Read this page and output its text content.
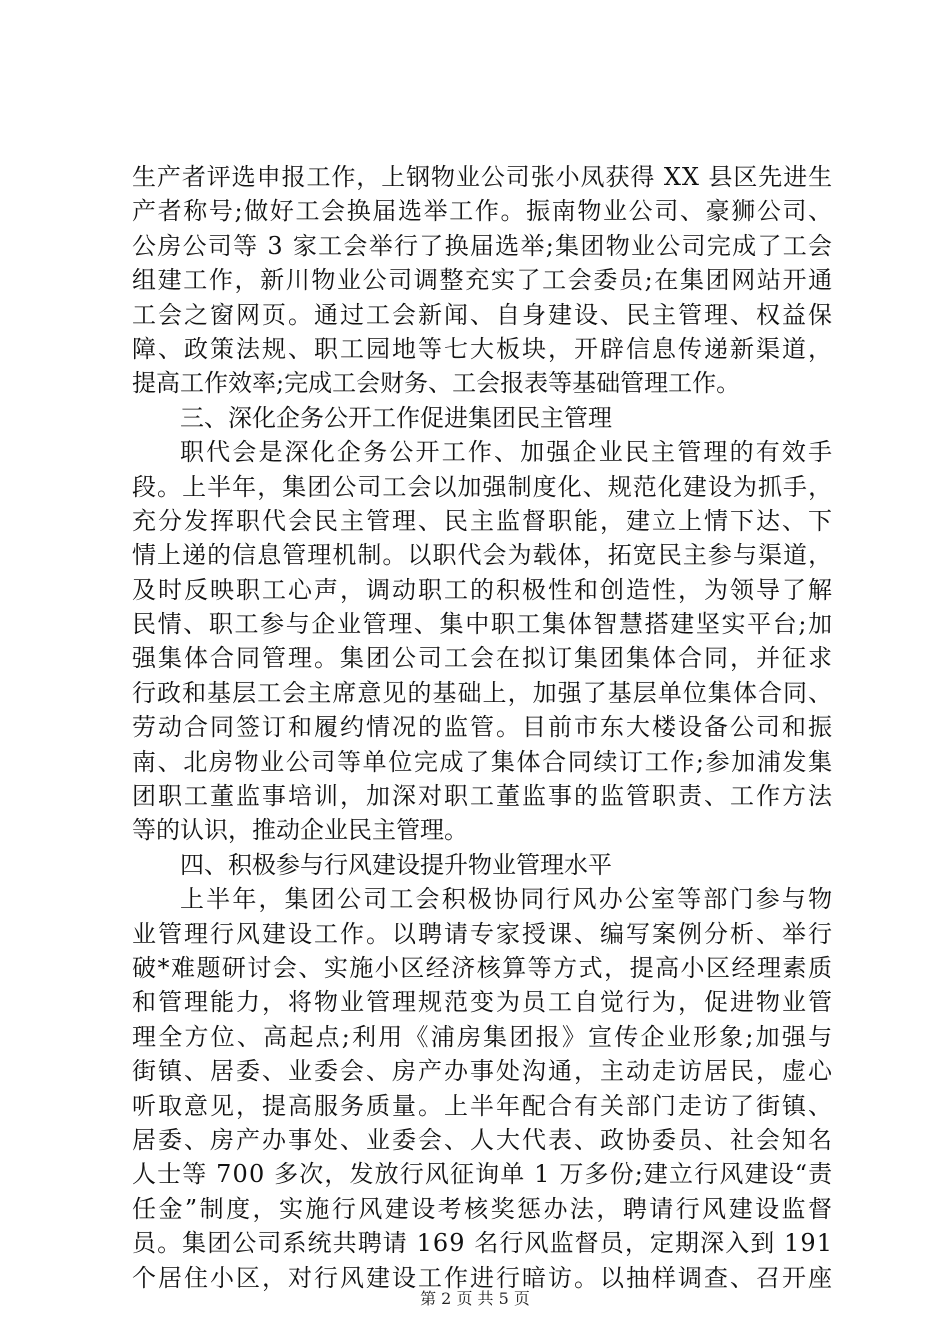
生产者评选申报工作，上钢物业公司张小凤获得 XX 县区先进生
产者称号;做好工会换届选举工作。振南物业公司、豪狮公司、
公房公司等 3 家工会举行了换届选举;集团物业公司完成了工会
组建工作，新川物业公司调整充实了工会委员;在集团网站开通
工会之窗网页。通过工会新闻、自身建设、民主管理、权益保
障、政策法规、职工园地等七大板块，开辟信息传递新渠道，
提高工作效率;完成工会财务、工会报表等基础管理工作。
三、深化企务公开工作促进集团民主管理
职代会是深化企务公开工作、加强企业民主管理的有效手
段。上半年，集团公司工会以加强制度化、规范化建设为抓手，
充分发挥职代会民主管理、民主监督职能，建立上情下达、下
情上递的信息管理机制。以职代会为载体，拓宽民主参与渠道，
及时反映职工心声，调动职工的积极性和创造性，为领导了解
民情、职工参与企业管理、集中职工集体智慧搭建坚实平台;加
强集体合同管理。集团公司工会在拟订集团集体合同，并征求
行政和基层工会主席意见的基础上，加强了基层单位集体合同、
劳动合同签订和履约情况的监管。目前市东大楼设备公司和振
南、北房物业公司等单位完成了集体合同续订工作;参加浦发集
团职工董监事培训，加深对职工董监事的监管职责、工作方法
等的认识，推动企业民主管理。
四、积极参与行风建设提升物业管理水平
上半年，集团公司工会积极协同行风办公室等部门参与物
业管理行风建设工作。以聘请专家授课、编写案例分析、举行
破*难题研讨会、实施小区经济核算等方式，提高小区经理素质
和管理能力，将物业管理规范变为员工自觉行为，促进物业管
理全方位、高起点;利用《浦房集团报》宣传企业形象;加强与
街镇、居委、业委会、房产办事处沟通，主动走访居民，虚心
听取意见，提高服务质量。上半年配合有关部门走访了街镇、
居委、房产办事处、业委会、人大代表、政协委员、社会知名
人士等 700 多次，发放行风征询单 1 万多份;建立行风建设“责
任金”制度，实施行风建设考核奖惩办法，聘请行风建设监督
员。集团公司系统共聘请 169 名行风监督员，定期深入到 191
个居住小区，对行风建设工作进行暗访。以抽样调查、召开座
第 2 页 共 5 页
